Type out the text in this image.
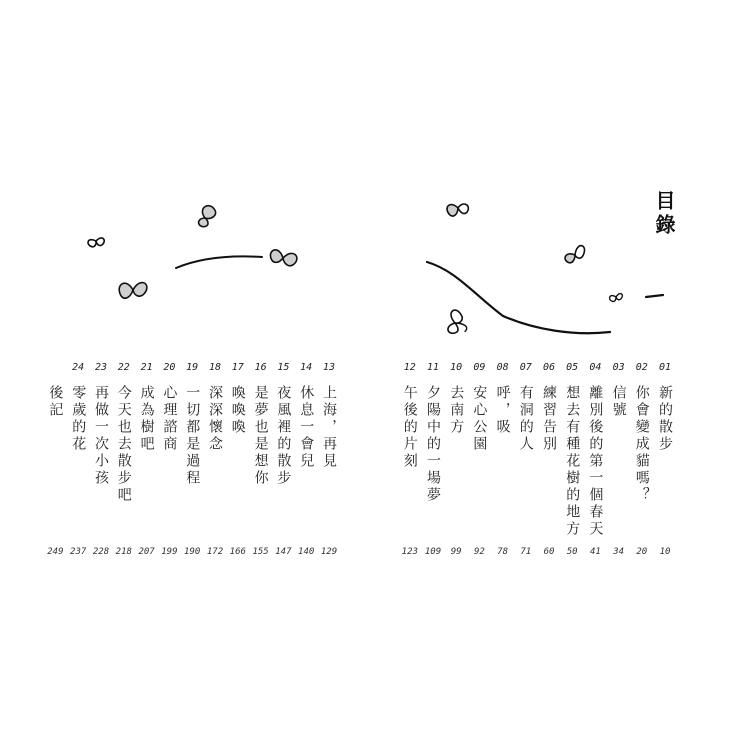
目錄
13
上海，再見
129
14
休息一會兒
140
15
夜風裡的散步
147
16
是夢也是想你
155
17
喚喚喚
166
18
深深懷念
172
19
一切都是過程
190
20
心理諮商
199
21
成為樹吧
207
22
今天也去散步吧
218
23
再做一次小孩
228
24
零歲的花
237
後記
249
01
新的散步
10
02
你會變成貓嗎？
20
03
信號
34
04
離別後的第一個春天
41
05
想去有種花樹的地方
50
06
練習告別
60
07
有洞的人
71
08
呼，吸
78
09
安心公園
92
10
去南方
99
11
夕陽中的一場夢
109
12
午後的片刻
123
